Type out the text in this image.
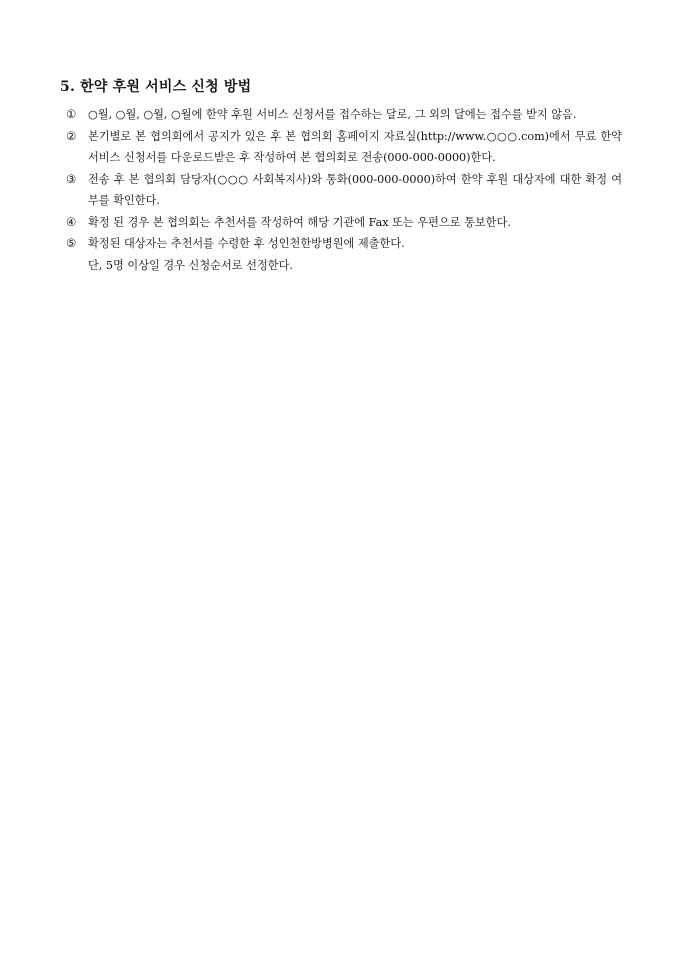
5. 한약 후원 서비스 신청 방법
① ○월, ○월, ○월, ○월에 한약 후원 서비스 신청서를 접수하는 달로, 그 외의 달에는 접수를 받지 않음.
② 본기별로 본 협의회에서 공지가 있은 후 본 협의회 홈페이지 자료실(http://www.○○○.com)에서 무료 한약 서비스 신청서를 다운로드받은 후 작성하여 본 협의회로 전송(000-000-0000)한다.
③ 전송 후 본 협의회 담당자(○○○ 사회복지사)와 통화(000-000-0000)하여 한약 후원 대상자에 대한 확정 여부를 확인한다.
④ 확정 된 경우 본 협의회는 추천서를 작성하여 해당 기관에 Fax 또는 우편으로 통보한다.
⑤ 확정된 대상자는 추천서를 수령한 후 성인천한방병원에 제출한다.
단, 5명 이상일 경우 신청순서로 선정한다.
